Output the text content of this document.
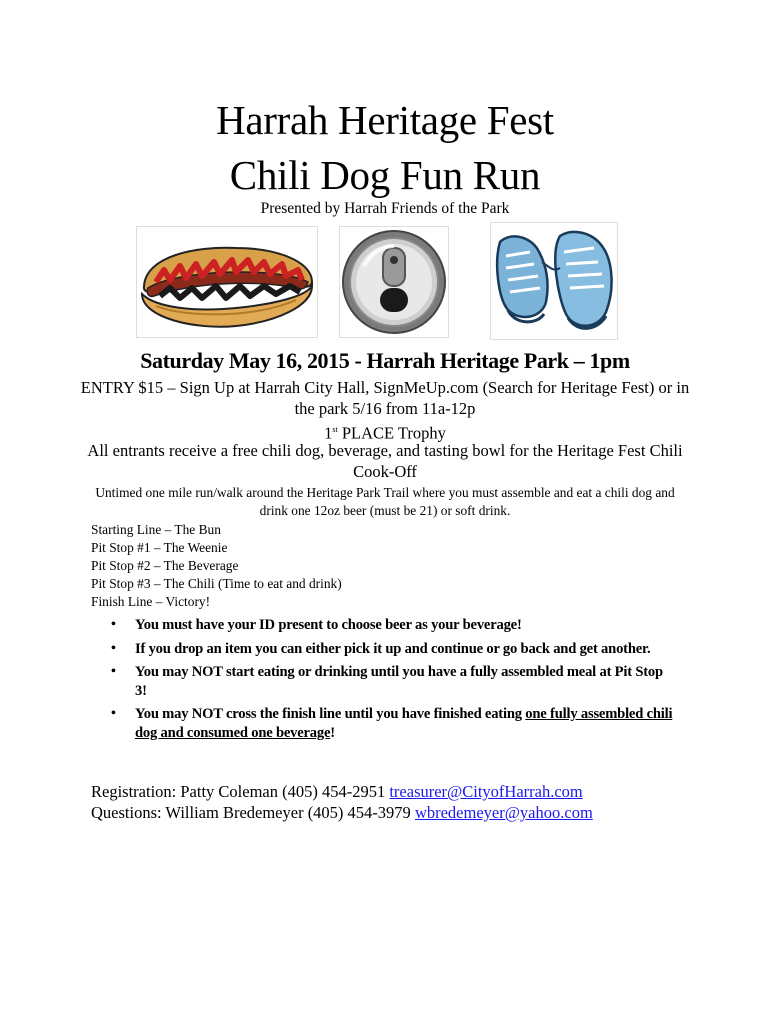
Harrah Heritage Fest
Chili Dog Fun Run
Presented by Harrah Friends of the Park
Saturday May 16, 2015 - Harrah Heritage Park – 1pm
ENTRY $15 – Sign Up at Harrah City Hall, SignMeUp.com (Search for Heritage Fest) or in the park 5/16 from 11a-12p
1st PLACE Trophy
All entrants receive a free chili dog, beverage, and tasting bowl for the Heritage Fest Chili Cook-Off
Untimed one mile run/walk around the Heritage Park Trail where you must assemble and eat a chili dog and drink one 12oz beer (must be 21) or soft drink.
Starting Line – The Bun
Pit Stop #1 – The Weenie
Pit Stop #2 – The Beverage
Pit Stop #3 – The Chili (Time to eat and drink)
Finish Line – Victory!
• You must have your ID present to choose beer as your beverage!
• If you drop an item you can either pick it up and continue or go back and get another.
• You may NOT start eating or drinking until you have a fully assembled meal at Pit Stop 3!
• You may NOT cross the finish line until you have finished eating one fully assembled chili dog and consumed one beverage!
Registration: Patty Coleman (405) 454-2951 treasurer@CityofHarrah.com
Questions: William Bredemeyer (405) 454-3979 wbredemeyer@yahoo.com
